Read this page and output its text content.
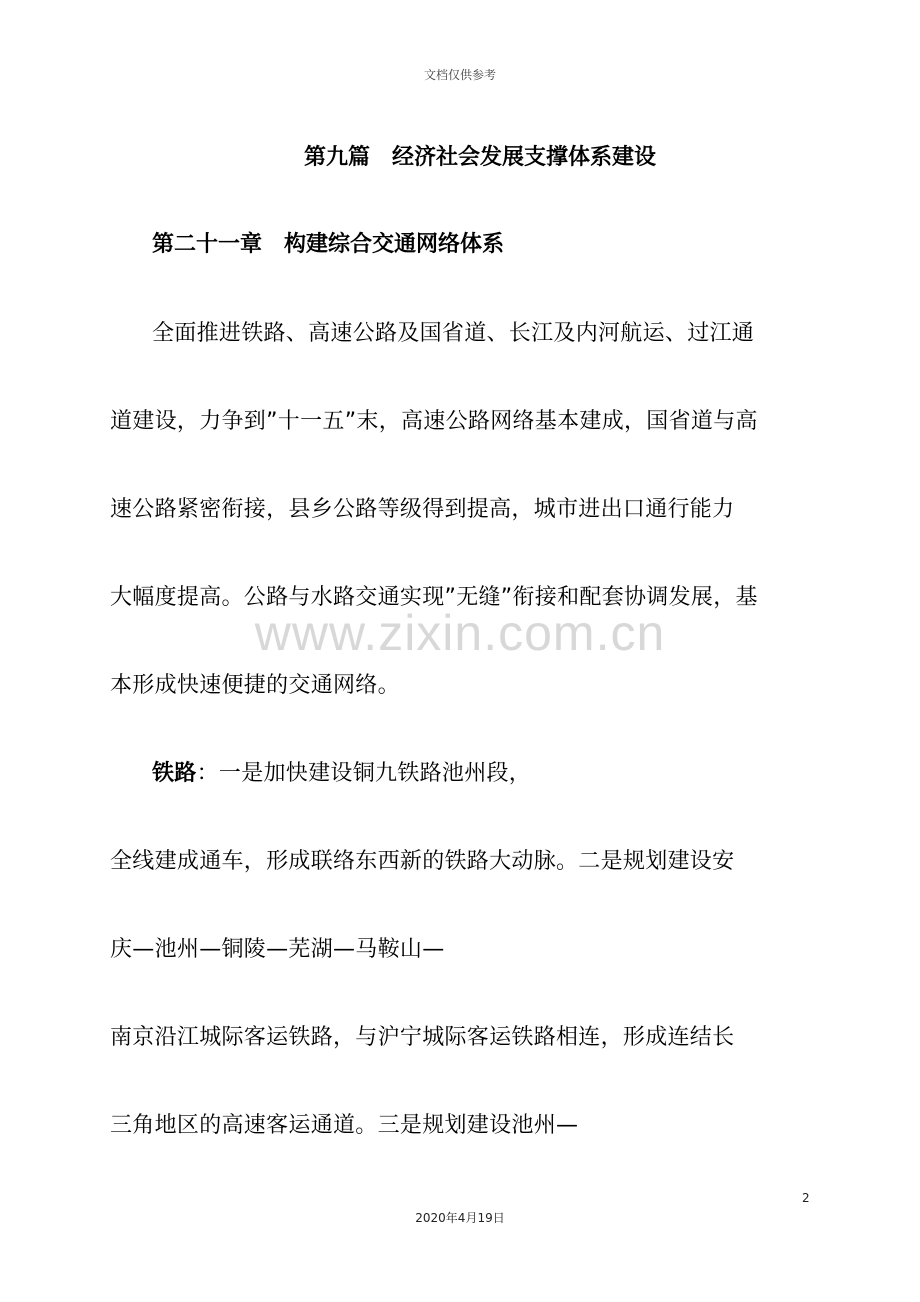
文档仅供参考
第九篇　经济社会发展支撑体系建设
第二十一章　构建综合交通网络体系
全面推进铁路、高速公路及国省道、长江及内河航运、过江通
道建设，力争到”十一五”末，高速公路网络基本建成，国省道与高
速公路紧密衔接，县乡公路等级得到提高，城市进出口通行能力
大幅度提高。公路与水路交通实现”无缝”衔接和配套协调发展，基
本形成快速便捷的交通网络。
www.zixin.com.cn
铁路：一是加快建设铜九铁路池州段，
全线建成通车，形成联络东西新的铁路大动脉。二是规划建设安
庆—池州—铜陵—芜湖—马鞍山—
南京沿江城际客运铁路，与沪宁城际客运铁路相连，形成连结长
三角地区的高速客运通道。三是规划建设池州—
2
2020年4月19日
